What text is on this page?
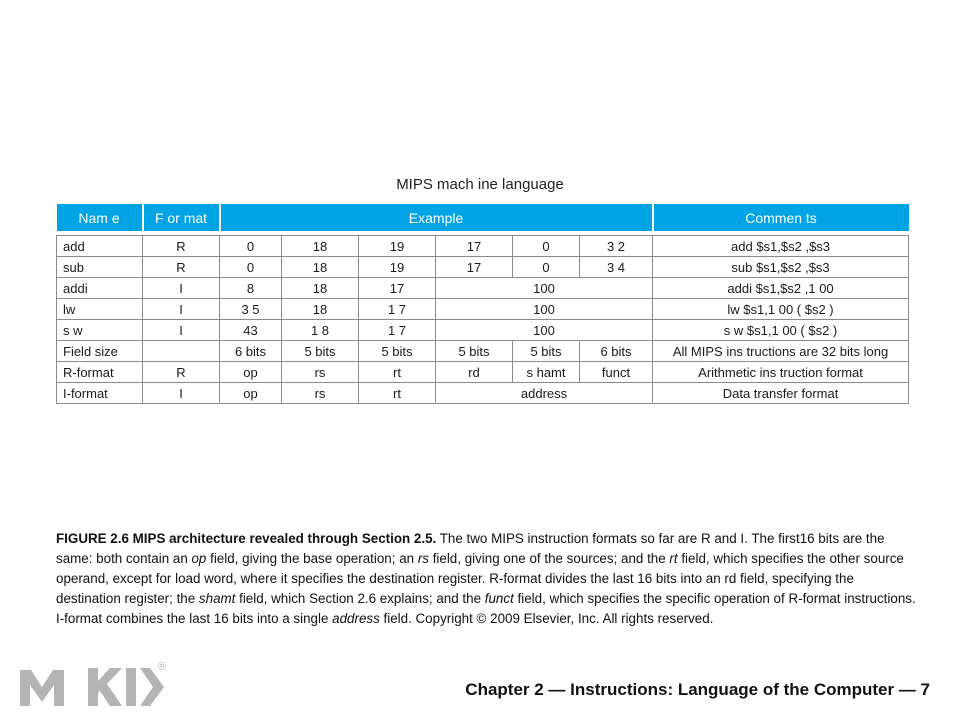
MIPS mach ine language
Nam e	F or mat	Example						Commen ts

add	R	0	18	19	17	0	3 2	add $s1,$s2 ,$s3
sub	R	0	18	19	17	0	3 4	sub $s1,$s2 ,$s3
addi	I	8	18	17	100			addi $s1,$s2 ,1 00
lw	I	3 5	18	1 7	100			lw $s1,1 00 ( $s2 )
s w	I	43	1 8	1 7	100			s w $s1,1 00 ( $s2 )
Field size		6 bits	5 bits	5 bits	5 bits	5 bits	6 bits	All MIPS ins tructions are 32 bits long
R-format	R	op	rs	rt	rd	s hamt	funct	Arithmetic ins truction format
I-format	I	op	rs	rt	address			Data transfer format
FIGURE 2.6 MIPS architecture revealed through Section 2.5. The two MIPS instruction formats so far are R and I. The first16 bits are the same: both contain an op field, giving the base operation; an rs field, giving one of the sources; and the rt field, which specifies the other source operand, except for load word, where it specifies the destination register. R-format divides the last 16 bits into an rd field, specifying the destination register; the shamt field, which Section 2.6 explains; and the funct field, which specifies the specific operation of R-format instructions. I-format combines the last 16 bits into a single address field. Copyright © 2009 Elsevier, Inc. All rights reserved.
®
Chapter 2 — Instructions: Language of the Computer — 7
